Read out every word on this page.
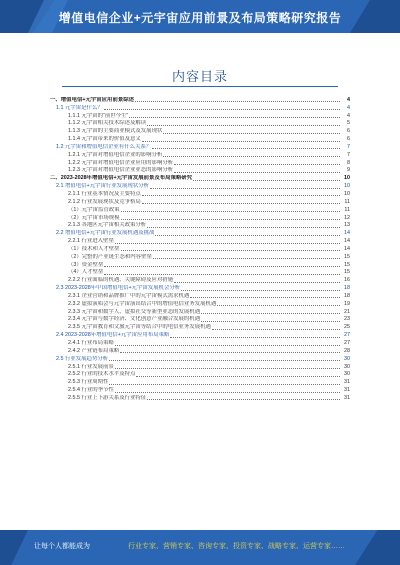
增值电信企业+元宇宙应用前景及布局策略研究报告
内容目录
一、增值电信+元宇宙应用前景综述	4
1.1 元宇宙是什么？	4
1.1.1 元宇宙的“前世今生”	4
1.1.2 元宇宙相关技术综述及解读	5
1.1.3 元宇宙的主要商业模式及发展现状	6
1.1.4 元宇宙带来的价值及意义	6
1.2 元宇宙和增值电信企业有什么关系？	7
1.2.1 元宇宙对增值电信企业的影响分析	7
1.2.2 元宇宙对增值电信企业应用的影响分析	8
1.2.3 元宇宙对增值电信企业业态的影响分析	9
二、2023-2028年增值电信+元宇宙发展前景及布局策略研究	10
2.1 增值电信+元宇宙行业发展现状分析	10
2.1.1 行业基本情况及主要特点	10
2.1.2 行业发展现状及竞争格局	11
（1）元宇宙监管政策	11
（2）元宇宙市场规模	12
2.1.3 各地区元宇宙相关政策分析	13
2.2 增值电信+元宇宙行业发展机遇及挑战	14
2.2.1 行业进入壁垒	14
（1）技术和人才壁垒	14
（2）完整的产业链生态和内容壁垒	15
（3）资金壁垒	15
（4）人才壁垒	15
2.2.2 行业面临的机遇、关键障碍及应对措施	16
2.3 2023-2028年中国增值电信+元宇宙发展机会分析	18
2.3.1 企业营销和品牌推广中的元宇宙模式需求机遇	18
2.3.2 虚拟演唱会与元宇宙演出结合中的增值电信业务发展机遇	19
2.3.3 元宇宙和数字人、虚拟社交等新型业态的发展机遇	21
2.3.4 元宇宙与数字经济、文化创意产业融合发展的机遇	23
2.3.5 元宇宙教育和文旅元宇宙等结合中的电信业务发展机遇	25
2.4 2023-2028年增值电信+元宇宙应用布局策略	27
2.4.1 行业布局策略	27
2.4.2 产业链布局策略	28
2.5 行业发展趋势分析	30
2.5.1 行业发展前景	30
2.5.2 行业的技术水平及特点	30
2.5.3 行业周期性	31
2.5.4 行业的季节性	31
2.5.5 行业上下游关系及行业特征	31
让每个人都能成为	行业专家、营销专家、咨询专家、投资专家、战略专家、运营专家……
